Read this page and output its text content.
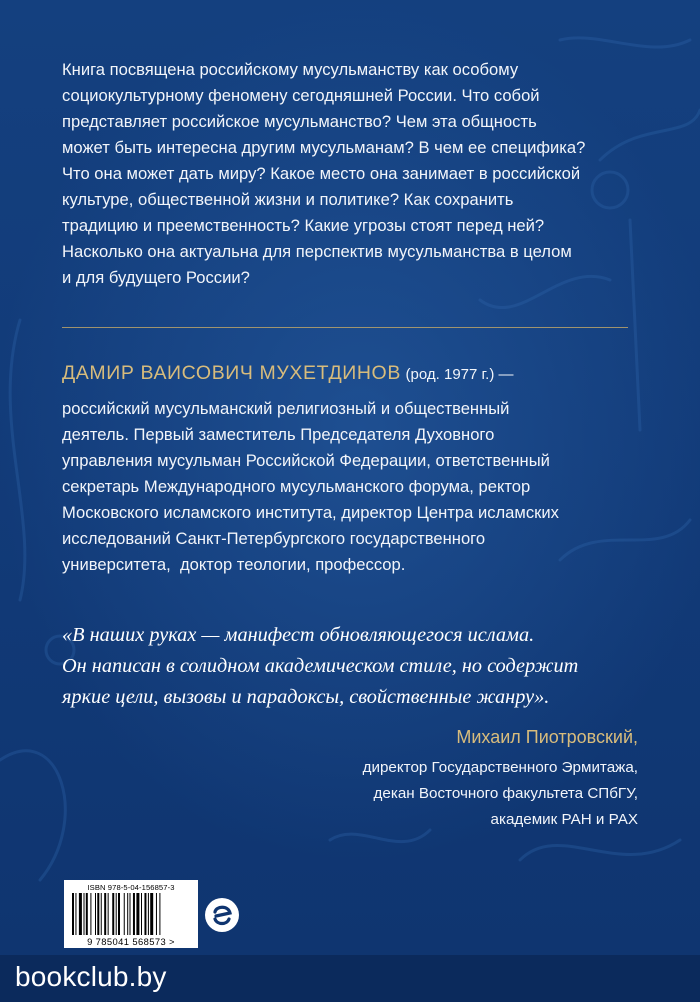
Книга посвящена российскому мусульманству как особому
социокультурному феномену сегодняшней России. Что собой
представляет российское мусульманство? Чем эта общность
может быть интересна другим мусульманам? В чем ее специфика?
Что она может дать миру? Какое место она занимает в российской
культуре, общественной жизни и политике? Как сохранить
традицию и преемственность? Какие угрозы стоят перед ней?
Насколько она актуальна для перспектив мусульманства в целом
и для будущего России?

ДАМИР ВАИСОВИЧ МУХЕТДИНОВ (род. 1977 г.) —

российский мусульманский религиозный и общественный
деятель. Первый заместитель Председателя Духовного
управления мусульман Российской Федерации, ответственный
секретарь Международного мусульманского форума, ректор
Московского исламского института, директор Центра исламских
исследований Санкт-Петербургского государственного
университета,  доктор теологии, профессор.

«В наших руках — манифест обновляющегося ислама.
Он написан в солидном академическом стиле, но содержит
яркие цели, вызовы и парадоксы, свойственные жанру».

Михаил Пиотровский,

директор Государственного Эрмитажа,

декан Восточного факультета СПбГУ,

академик РАН и РАХ

ISBN 978-5-04-156857-3
9 785041 568573 >

bookclub.by
